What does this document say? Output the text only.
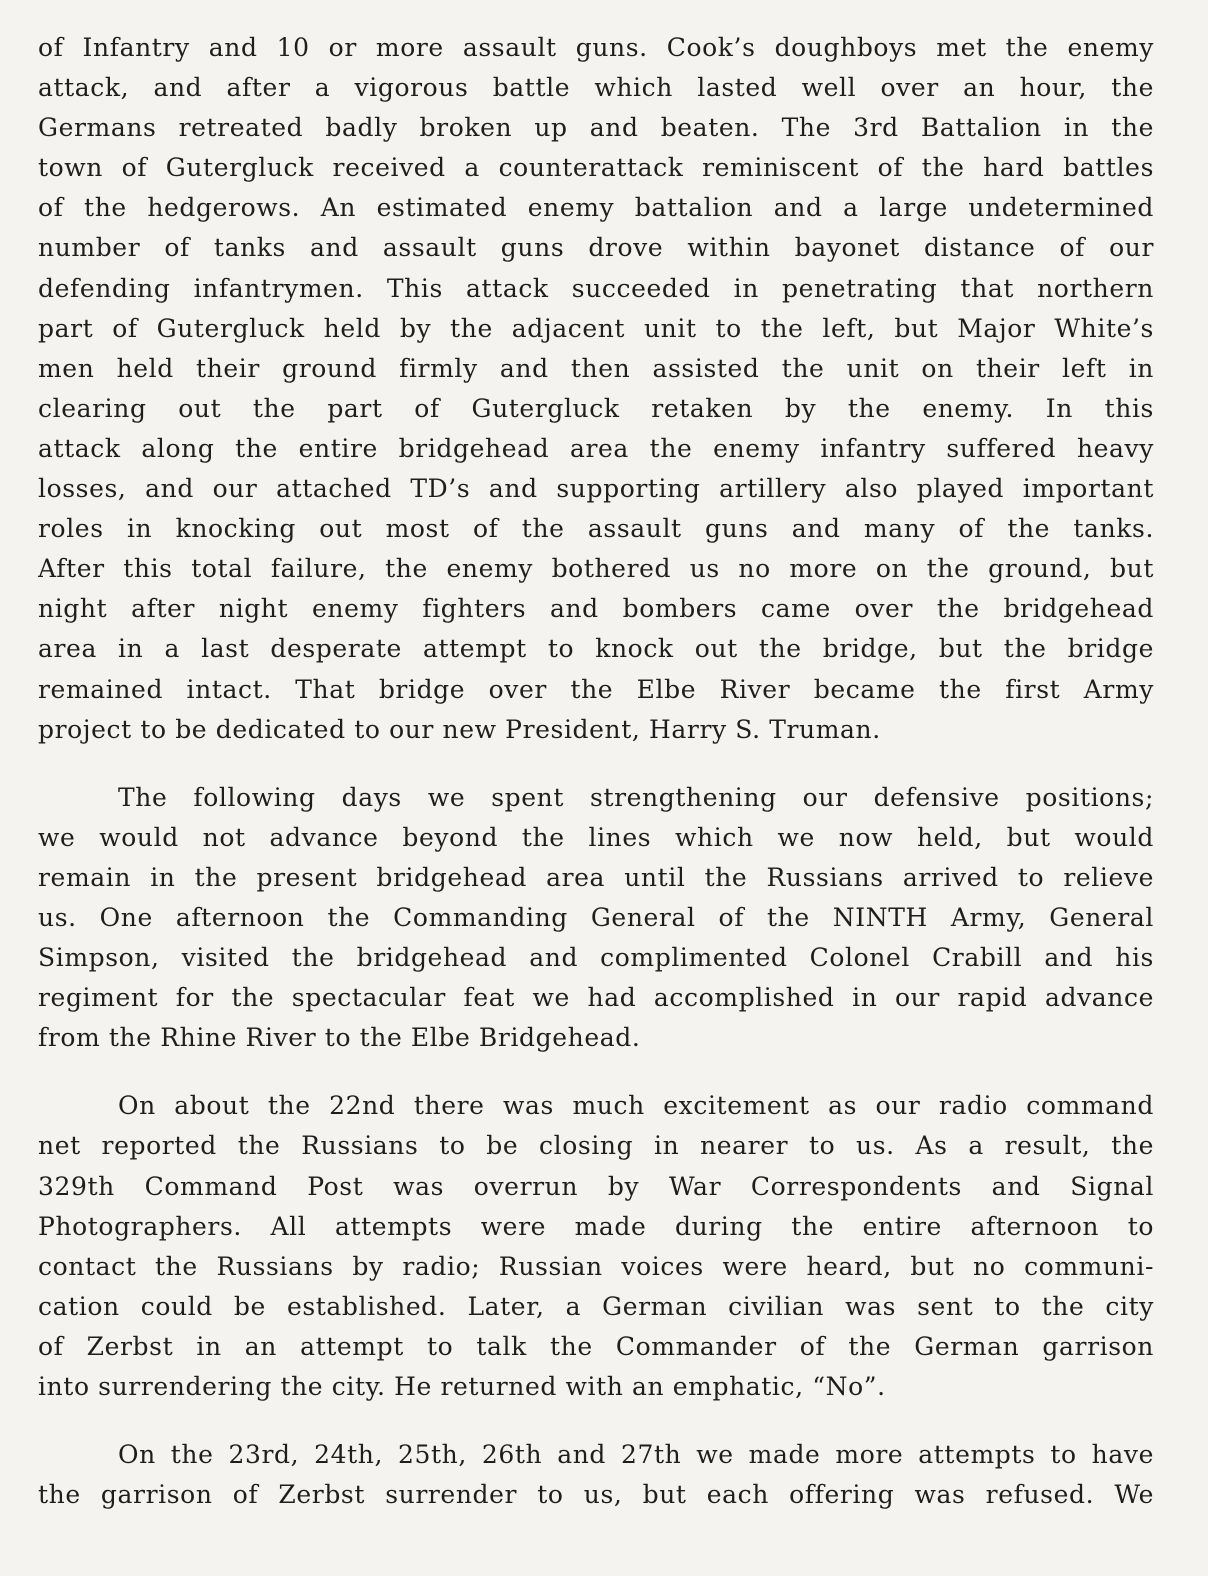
of Infantry and 10 or more assault guns. Cook’s doughboys met the enemy
attack, and after a vigorous battle which lasted well over an hour, the
Germans retreated badly broken up and beaten. The 3rd Battalion in the
town of Gutergluck received a counterattack reminiscent of the hard battles
of the hedgerows. An estimated enemy battalion and a large undetermined
number of tanks and assault guns drove within bayonet distance of our
defending infantrymen. This attack succeeded in penetrating that northern
part of Gutergluck held by the adjacent unit to the left, but Major White’s
men held their ground firmly and then assisted the unit on their left in
clearing out the part of Gutergluck retaken by the enemy. In this
attack along the entire bridgehead area the enemy infantry suffered heavy
losses, and our attached TD’s and supporting artillery also played important
roles in knocking out most of the assault guns and many of the tanks.
After this total failure, the enemy bothered us no more on the ground, but
night after night enemy fighters and bombers came over the bridgehead
area in a last desperate attempt to knock out the bridge, but the bridge
remained intact. That bridge over the Elbe River became the first Army
project to be dedicated to our new President, Harry S. Truman.
The following days we spent strengthening our defensive positions;
we would not advance beyond the lines which we now held, but would
remain in the present bridgehead area until the Russians arrived to relieve
us. One afternoon the Commanding General of the NINTH Army, General
Simpson, visited the bridgehead and complimented Colonel Crabill and his
regiment for the spectacular feat we had accomplished in our rapid advance
from the Rhine River to the Elbe Bridgehead.
On about the 22nd there was much excitement as our radio command
net reported the Russians to be closing in nearer to us. As a result, the
329th Command Post was overrun by War Correspondents and Signal
Photographers. All attempts were made during the entire afternoon to
contact the Russians by radio; Russian voices were heard, but no communi-
cation could be established. Later, a German civilian was sent to the city
of Zerbst in an attempt to talk the Commander of the German garrison
into surrendering the city. He returned with an emphatic, “No”.
On the 23rd, 24th, 25th, 26th and 27th we made more attempts to have
the garrison of Zerbst surrender to us, but each offering was refused. We
